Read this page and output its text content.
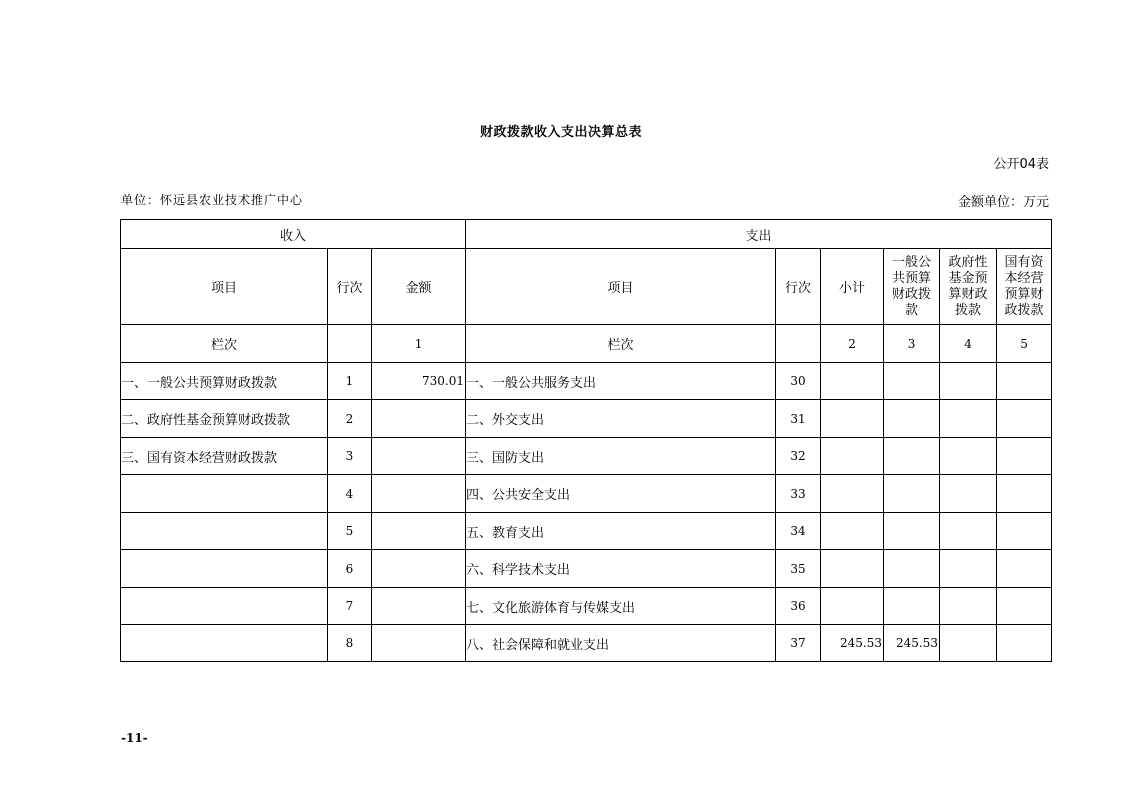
财政拨款收入支出决算总表
公开04表
单位：怀远县农业技术推广中心	金额单位：万元
收入			支出					
项目	行次	金额	项目	行次	小计	一般公共预算财政拨款	政府性基金预算财政拨款	国有资本经营预算财政拨款
栏次		1	栏次		2	3	4	5
一、一般公共预算财政拨款	1	730.01	一、一般公共服务支出	30				
二、政府性基金预算财政拨款	2		二、外交支出	31				
三、国有资本经营财政拨款	3		三、国防支出	32				
	4		四、公共安全支出	33				
	5		五、教育支出	34				
	6		六、科学技术支出	35				
	7		七、文化旅游体育与传媒支出	36				
	8		八、社会保障和就业支出	37	245.53	245.53		
-11-
